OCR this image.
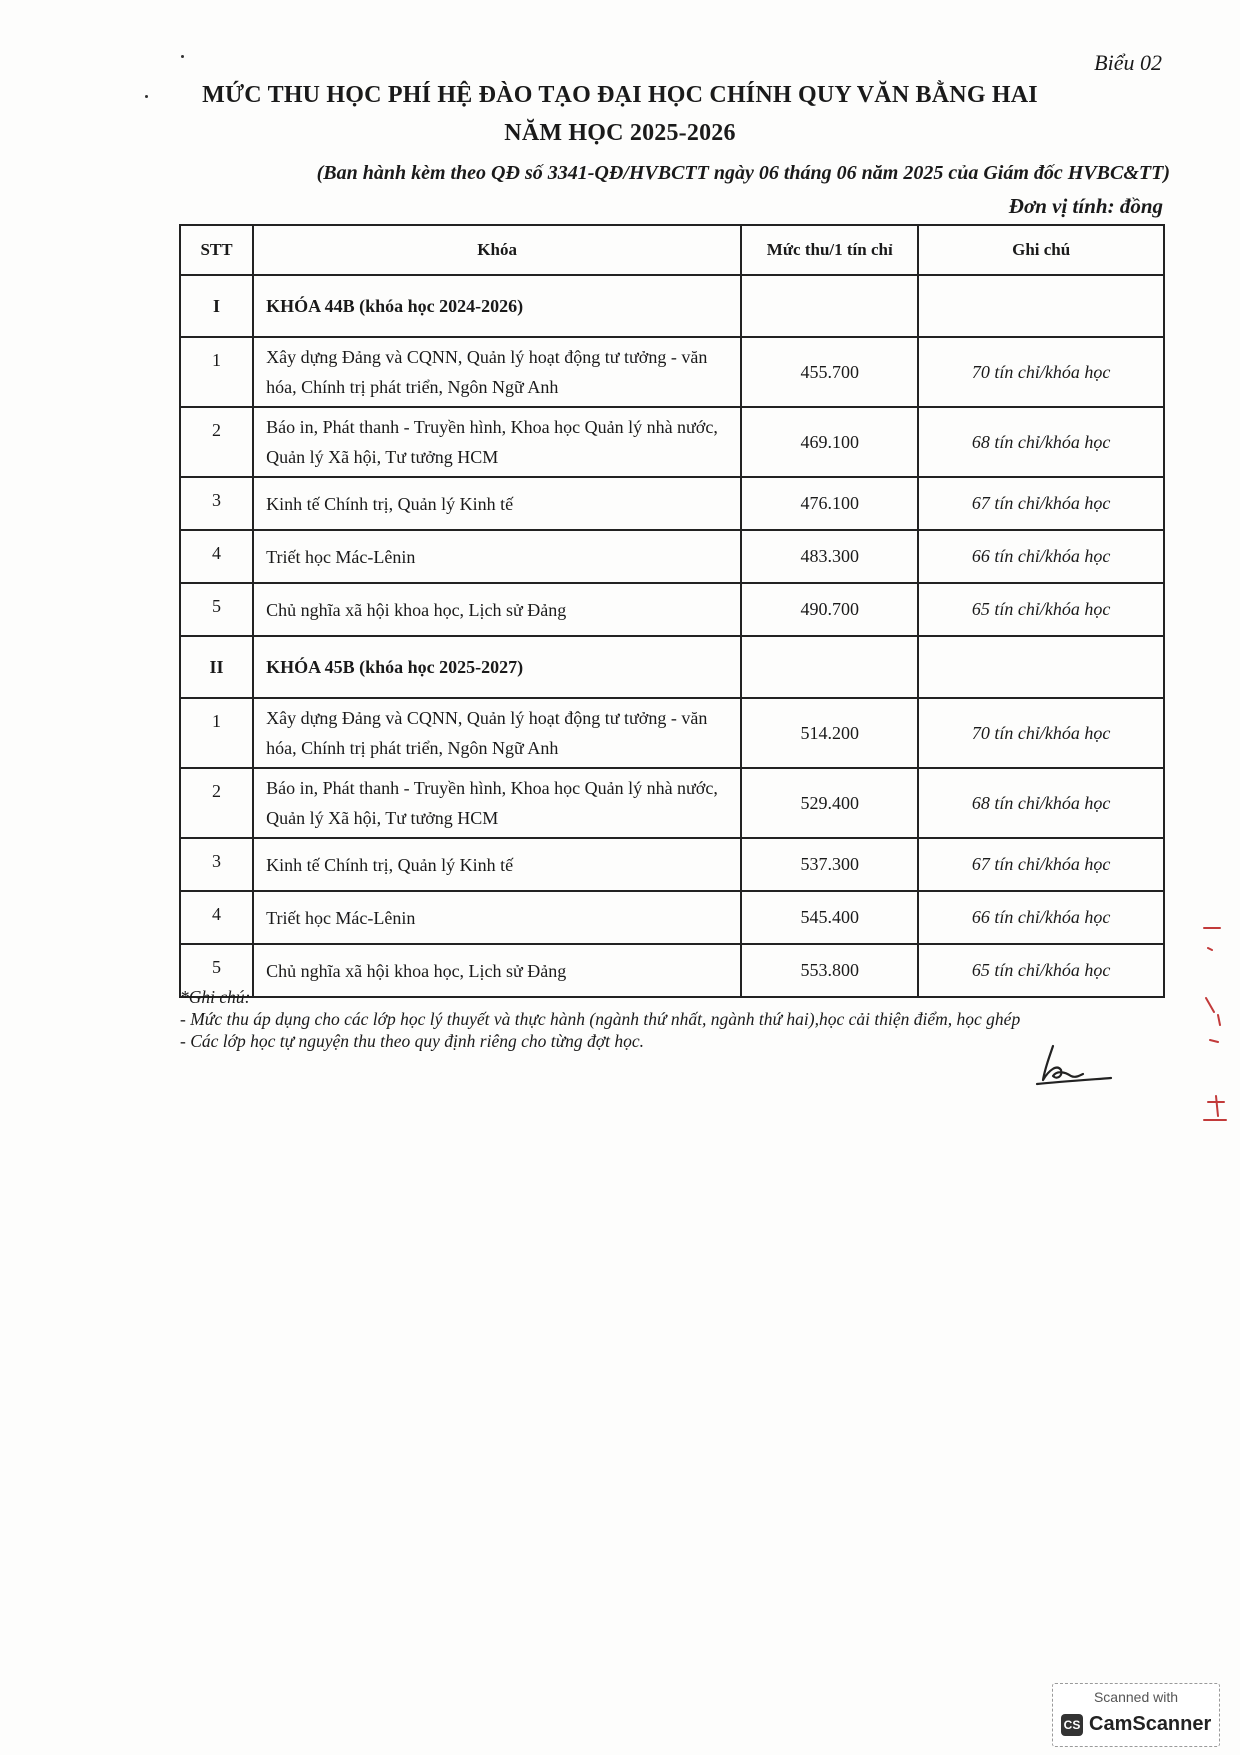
Biểu 02
MỨC THU HỌC PHÍ HỆ ĐÀO TẠO ĐẠI HỌC CHÍNH QUY VĂN BẰNG HAI
NĂM HỌC 2025-2026
(Ban hành kèm theo QĐ số 3341-QĐ/HVBCTT ngày 06 tháng 06 năm 2025 của Giám đốc HVBC&TT)
Đơn vị tính: đồng
STT	Khóa	Mức thu/1 tín chỉ	Ghi chú
I	KHÓA 44B (khóa học 2024-2026)		
1	Xây dựng Đảng và CQNN, Quản lý hoạt động tư tưởng - văn hóa, Chính trị phát triển, Ngôn Ngữ Anh	455.700	70 tín chỉ/khóa học
2	Báo in, Phát thanh - Truyền hình, Khoa học Quản lý nhà nước, Quản lý Xã hội, Tư tưởng HCM	469.100	68 tín chỉ/khóa học
3	Kinh tế Chính trị, Quản lý Kinh tế	476.100	67 tín chỉ/khóa học
4	Triết học Mác-Lênin	483.300	66 tín chỉ/khóa học
5	Chủ nghĩa xã hội khoa học, Lịch sử Đảng	490.700	65 tín chỉ/khóa học
II	KHÓA 45B (khóa học 2025-2027)		
1	Xây dựng Đảng và CQNN, Quản lý hoạt động tư tưởng - văn hóa, Chính trị phát triển, Ngôn Ngữ Anh	514.200	70 tín chỉ/khóa học
2	Báo in, Phát thanh - Truyền hình, Khoa học Quản lý nhà nước, Quản lý Xã hội, Tư tưởng HCM	529.400	68 tín chỉ/khóa học
3	Kinh tế Chính trị, Quản lý Kinh tế	537.300	67 tín chỉ/khóa học
4	Triết học Mác-Lênin	545.400	66 tín chỉ/khóa học
5	Chủ nghĩa xã hội khoa học, Lịch sử Đảng	553.800	65 tín chỉ/khóa học
*Ghi chú:
- Mức thu áp dụng cho các lớp học lý thuyết và thực hành (ngành thứ nhất, ngành thứ hai),học cải thiện điểm, học ghép
- Các lớp học tự nguyện thu theo quy định riêng cho từng đợt học.
Scanned with
CS CamScanner
